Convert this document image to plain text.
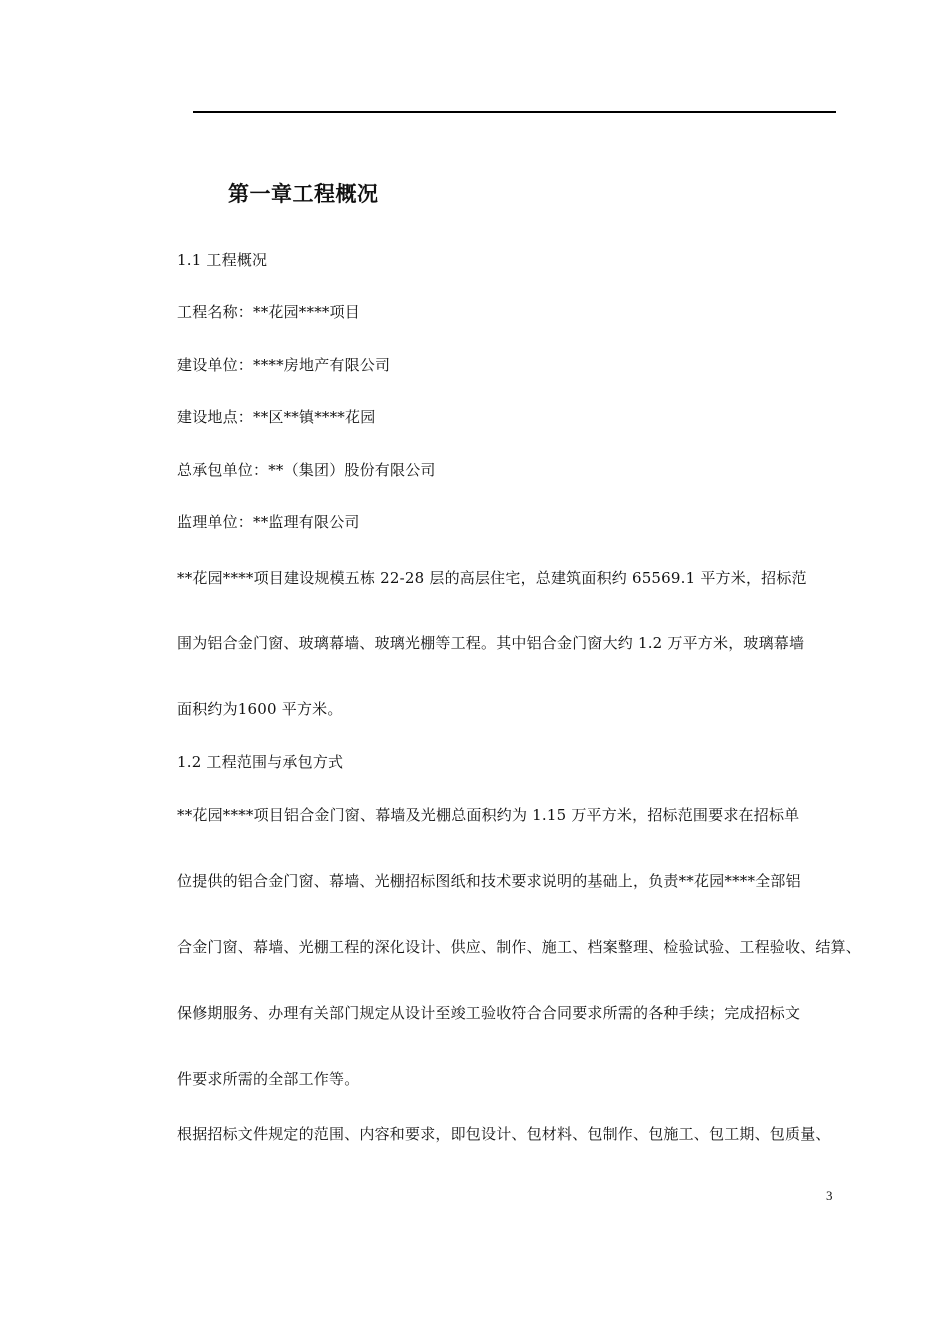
第一章工程概况
1.1 工程概况
工程名称：**花园****项目
建设单位：****房地产有限公司
建设地点：**区**镇****花园
总承包单位：**（集团）股份有限公司
监理单位：**监理有限公司
**花园****项目建设规模五栋 22-28 层的高层住宅，总建筑面积约 65569.1 平方米，招标范
围为铝合金门窗、玻璃幕墙、玻璃光棚等工程。其中铝合金门窗大约 1.2 万平方米，玻璃幕墙
面积约为1600 平方米。
1.2 工程范围与承包方式
**花园****项目铝合金门窗、幕墙及光棚总面积约为 1.15 万平方米，招标范围要求在招标单
位提供的铝合金门窗、幕墙、光棚招标图纸和技术要求说明的基础上，负责**花园****全部铝
合金门窗、幕墙、光棚工程的深化设计、供应、制作、施工、档案整理、检验试验、工程验收、结算、
保修期服务、办理有关部门规定从设计至竣工验收符合合同要求所需的各种手续；完成招标文
件要求所需的全部工作等。
根据招标文件规定的范围、内容和要求，即包设计、包材料、包制作、包施工、包工期、包质量、
3
